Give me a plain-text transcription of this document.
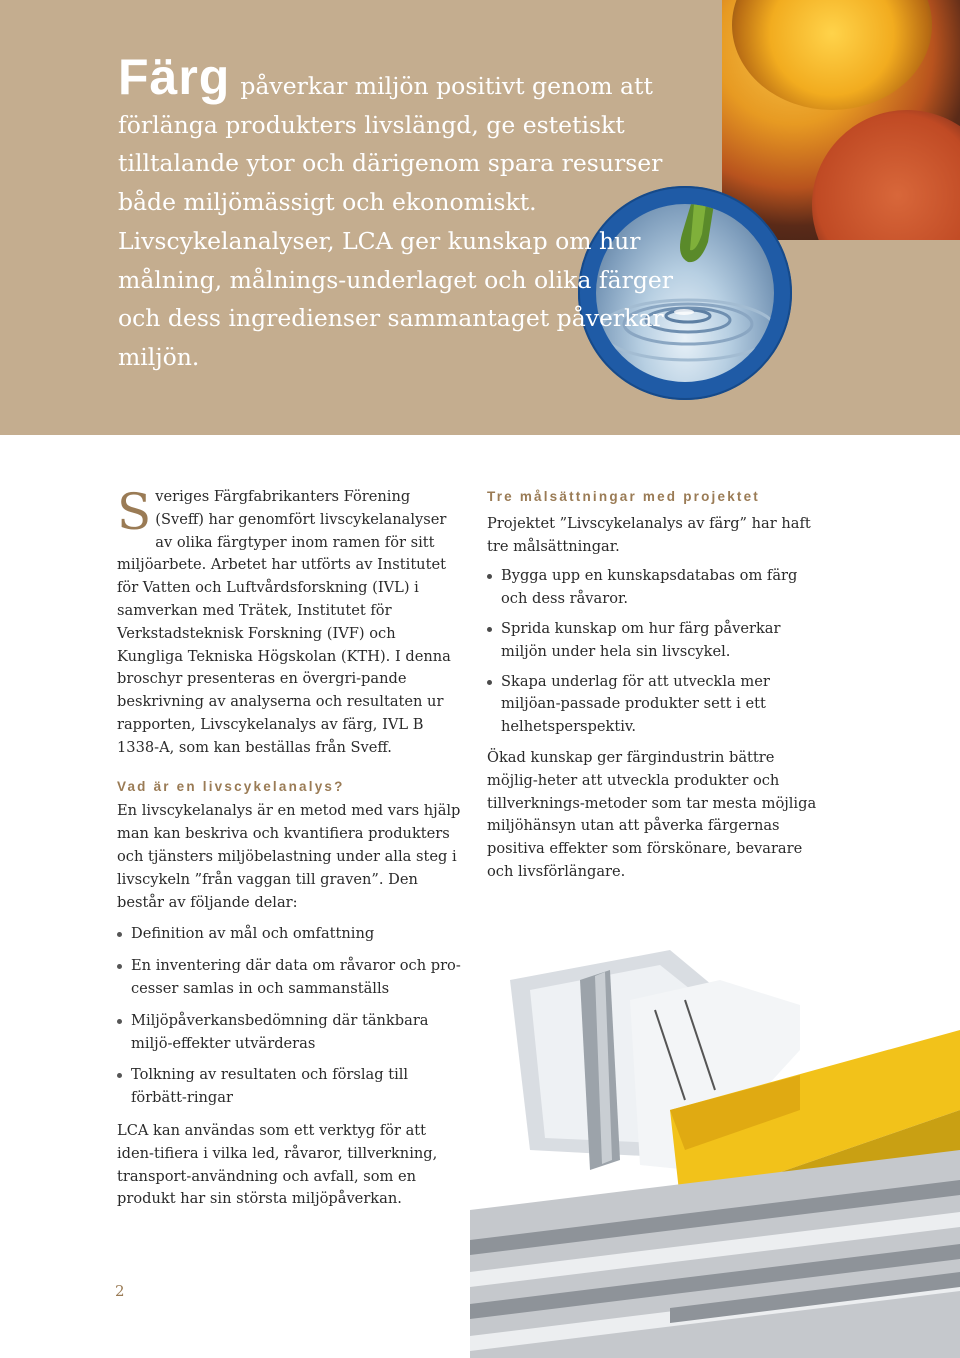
Färg påverkar miljön positivt genom att förlänga produkters livslängd, ge estetiskt tilltalande ytor och därigenom spara resurser både miljömässigt och ekonomiskt. Livscykelanalyser, LCA ger kunskap om hur målning, målnings-underlaget och olika färger och dess ingredienser sammantaget påverkar miljön.

Sveriges Färgfabrikanters Förening (Sveff) har genomfört livscykelanalyser av olika färgtyper inom ramen för sitt miljöarbete. Arbetet har utförts av Institutet för Vatten och Luftvårdsforskning (IVL) i samverkan med Trätek, Institutet för Verkstadsteknisk Forskning (IVF) och Kungliga Tekniska Högskolan (KTH). I denna broschyr presenteras en övergri-pande beskrivning av analyserna och resultaten ur rapporten, Livscykelanalys av färg, IVL B 1338-A, som kan beställas från Sveff.

Vad är en livscykelanalys?

En livscykelanalys är en metod med vars hjälp man kan beskriva och kvantifiera produkters och tjänsters miljöbelastning under alla steg i livscykeln ”från vaggan till graven”. Den består av följande delar:

Definition av mål och omfattning
En inventering där data om råvaror och pro-cesser samlas in och sammanställs
Miljöpåverkansbedömning där tänkbara miljö-effekter utvärderas
Tolkning av resultaten och förslag till förbätt-ringar

LCA kan användas som ett verktyg för att iden-tifiera i vilka led, råvaror, tillverkning, transport-användning och avfall, som en produkt har sin största miljöpåverkan.

Tre målsättningar med projektet

Projektet ”Livscykelanalys av färg” har haft tre målsättningar.

Bygga upp en kunskapsdatabas om färg och dess råvaror.
Sprida kunskap om hur färg påverkar miljön under hela sin livscykel.
Skapa underlag för att utveckla mer miljöan-passade produkter sett i ett helhetsperspektiv.

Ökad kunskap ger färgindustrin bättre möjlig-heter att utveckla produkter och tillverknings-metoder som tar mesta möjliga miljöhänsyn utan att påverka färgernas positiva effekter som förskönare, bevarare och livsförlängare.

2
